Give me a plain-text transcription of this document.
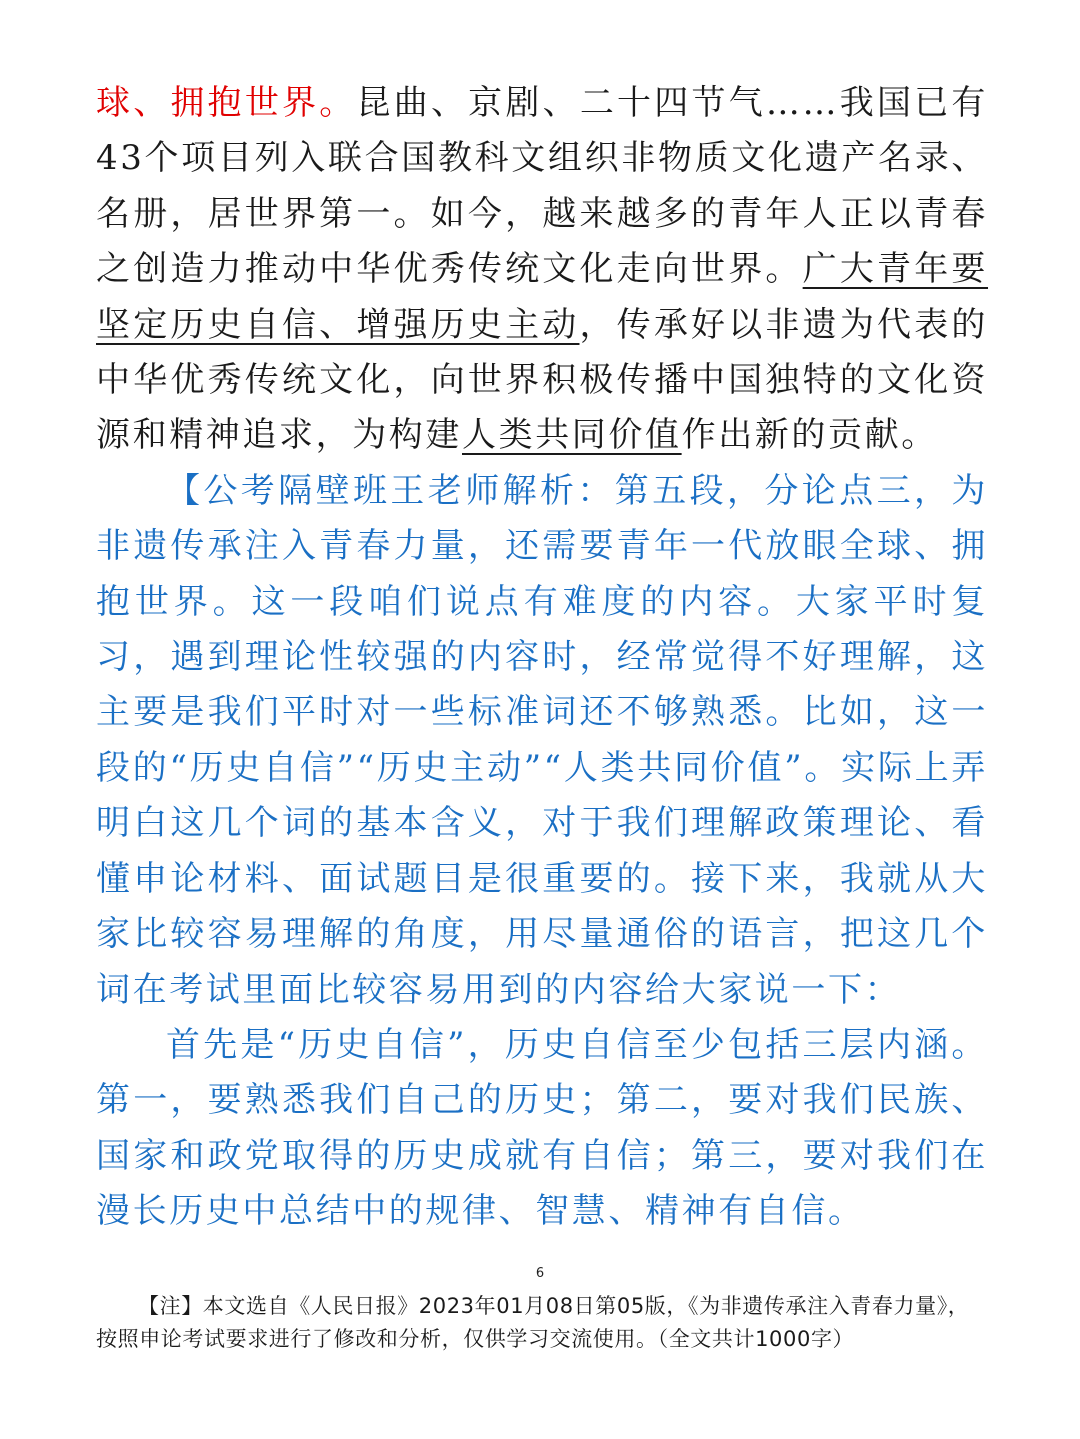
球、拥抱世界。昆曲、京剧、二十四节气……我国已有43个项目列入联合国教科文组织非物质文化遗产名录、名册，居世界第一。如今，越来越多的青年人正以青春之创造力推动中华优秀传统文化走向世界。广大青年要坚定历史自信、增强历史主动，传承好以非遗为代表的中华优秀传统文化，向世界积极传播中国独特的文化资源和精神追求，为构建人类共同价值作出新的贡献。

【公考隔壁班王老师解析：第五段，分论点三，为非遗传承注入青春力量，还需要青年一代放眼全球、拥抱世界。这一段咱们说点有难度的内容。大家平时复习，遇到理论性较强的内容时，经常觉得不好理解，这主要是我们平时对一些标准词还不够熟悉。比如，这一段的“历史自信”“历史主动”“人类共同价值”。实际上弄明白这几个词的基本含义，对于我们理解政策理论、看懂申论材料、面试题目是很重要的。接下来，我就从大家比较容易理解的角度，用尽量通俗的语言，把这几个词在考试里面比较容易用到的内容给大家说一下：

首先是“历史自信”，历史自信至少包括三层内涵。第一，要熟悉我们自己的历史；第二，要对我们民族、国家和政党取得的历史成就有自信；第三，要对我们在漫长历史中总结中的规律、智慧、精神有自信。

6

【注】本文选自《人民日报》2023年01月08日第05版，《为非遗传承注入青春力量》，按照申论考试要求进行了修改和分析，仅供学习交流使用。（全文共计1000字）
